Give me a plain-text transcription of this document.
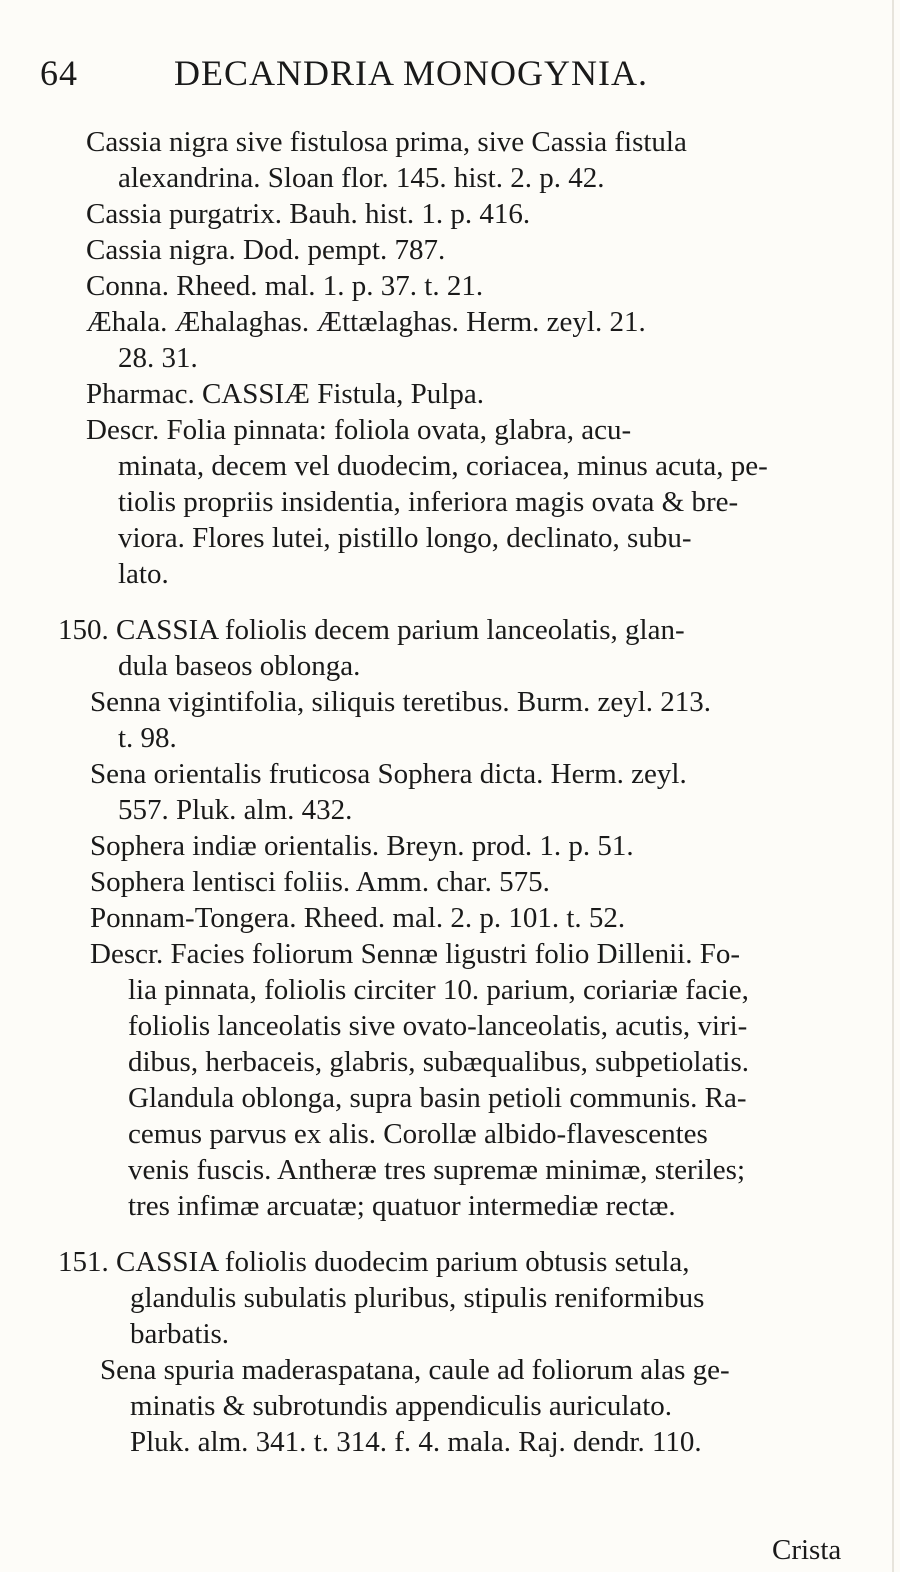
64	DECANDRIA MONOGYNIA.
Cassia nigra sive fistulosa prima, sive Cassia fistula
alexandrina. Sloan flor. 145. hist. 2. p. 42.
Cassia purgatrix. Bauh. hist. 1. p. 416.
Cassia nigra. Dod. pempt. 787.
Conna. Rheed. mal. 1. p. 37. t. 21.
Æhala. Æhalaghas. Ættælaghas. Herm. zeyl. 21.
28. 31.
Pharmac. CASSIÆ Fistula, Pulpa.
Descr. Folia pinnata: foliola ovata, glabra, acu-
minata, decem vel duodecim, coriacea, minus acuta, pe-
tiolis propriis insidentia, inferiora magis ovata & bre-
viora. Flores lutei, pistillo longo, declinato, subu-
lato.
150. CASSIA foliolis decem parium lanceolatis, glan-
dula baseos oblonga.
Senna vigintifolia, siliquis teretibus. Burm. zeyl. 213.
t. 98.
Sena orientalis fruticosa Sophera dicta. Herm. zeyl.
557. Pluk. alm. 432.
Sophera indiæ orientalis. Breyn. prod. 1. p. 51.
Sophera lentisci foliis. Amm. char. 575.
Ponnam-Tongera. Rheed. mal. 2. p. 101. t. 52.
Descr. Facies foliorum Sennæ ligustri folio Dillenii. Fo-
lia pinnata, foliolis circiter 10. parium, coriariæ facie,
foliolis lanceolatis sive ovato-lanceolatis, acutis, viri-
dibus, herbaceis, glabris, subæqualibus, subpetiolatis.
Glandula oblonga, supra basin petioli communis. Ra-
cemus parvus ex alis. Corollæ albido-flavescentes
venis fuscis. Antheræ tres supremæ minimæ, steriles;
tres infimæ arcuatæ; quatuor intermediæ rectæ.
151. CASSIA foliolis duodecim parium obtusis setula,
glandulis subulatis pluribus, stipulis reniformibus
barbatis.
Sena spuria maderaspatana, caule ad foliorum alas ge-
minatis & subrotundis appendiculis auriculato.
Pluk. alm. 341. t. 314. f. 4. mala. Raj. dendr. 110.
Crista
